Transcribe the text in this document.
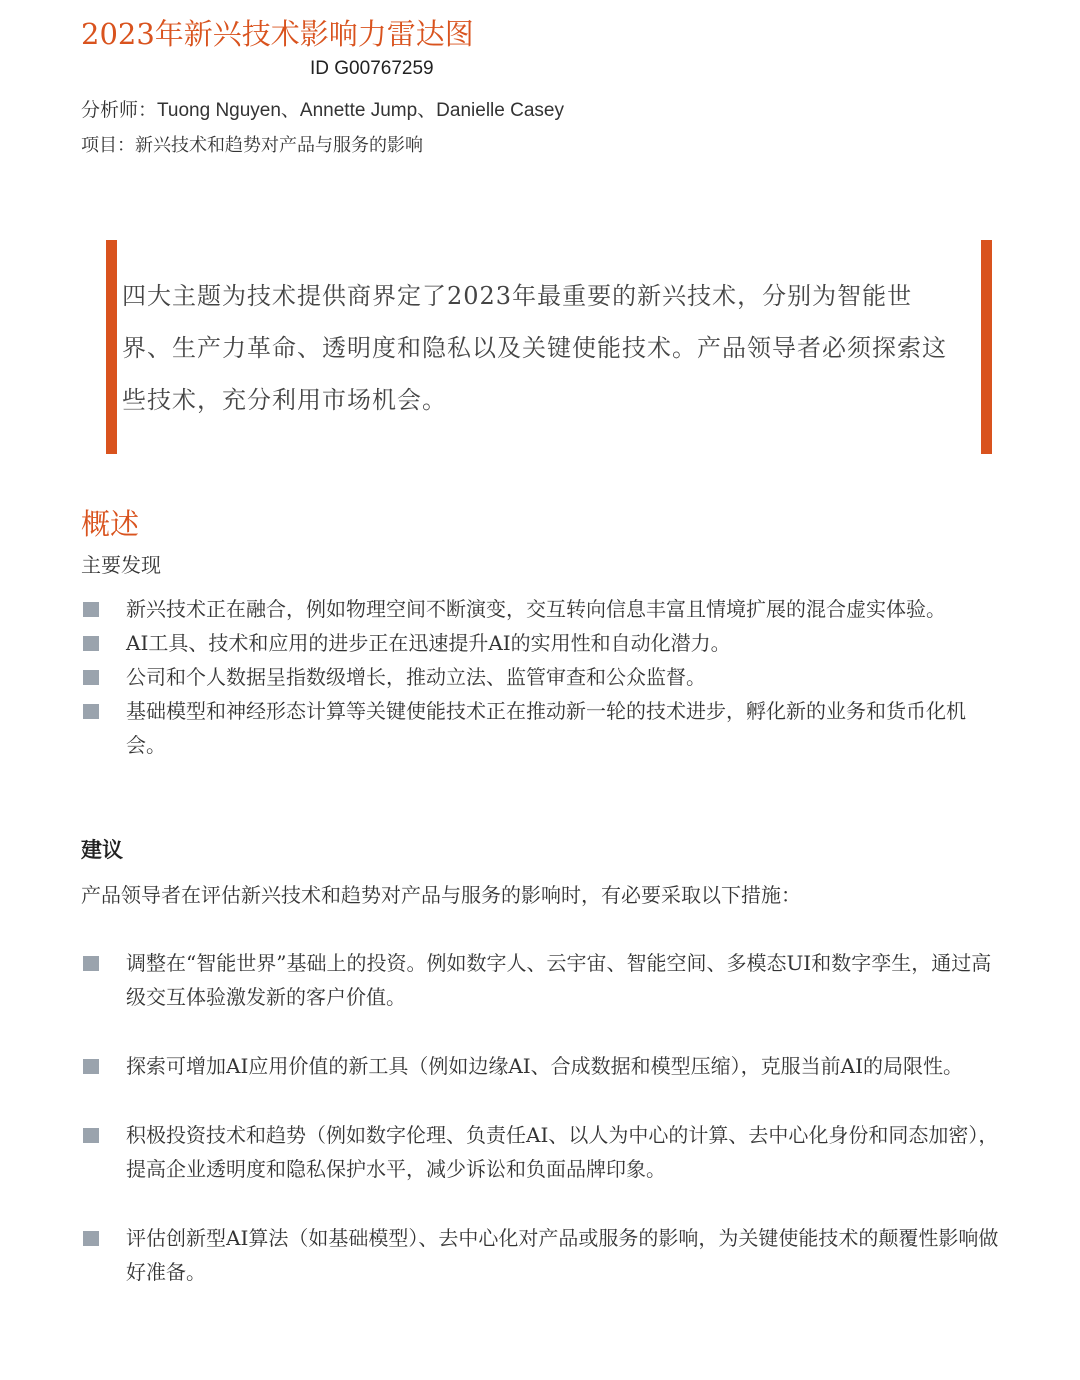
2023年新兴技术影响力雷达图
ID G00767259
分析师：Tuong Nguyen、Annette Jump、Danielle Casey
项目：新兴技术和趋势对产品与服务的影响
四大主题为技术提供商界定了2023年最重要的新兴技术，分别为智能世界、生产力革命、透明度和隐私以及关键使能技术。产品领导者必须探索这些技术，充分利用市场机会。
概述
主要发现
新兴技术正在融合，例如物理空间不断演变，交互转向信息丰富且情境扩展的混合虚实体验。
AI工具、技术和应用的进步正在迅速提升AI的实用性和自动化潜力。
公司和个人数据呈指数级增长，推动立法、监管审查和公众监督。
基础模型和神经形态计算等关键使能技术正在推动新一轮的技术进步，孵化新的业务和货币化机会。
建议
产品领导者在评估新兴技术和趋势对产品与服务的影响时，有必要采取以下措施：
调整在“智能世界”基础上的投资。例如数字人、云宇宙、智能空间、多模态UI和数字孪生，通过高级交互体验激发新的客户价值。
探索可增加AI应用价值的新工具（例如边缘AI、合成数据和模型压缩），克服当前AI的局限性。
积极投资技术和趋势（例如数字伦理、负责任AI、以人为中心的计算、去中心化身份和同态加密），提高企业透明度和隐私保护水平，减少诉讼和负面品牌印象。
评估创新型AI算法（如基础模型）、去中心化对产品或服务的影响，为关键使能技术的颠覆性影响做好准备。
